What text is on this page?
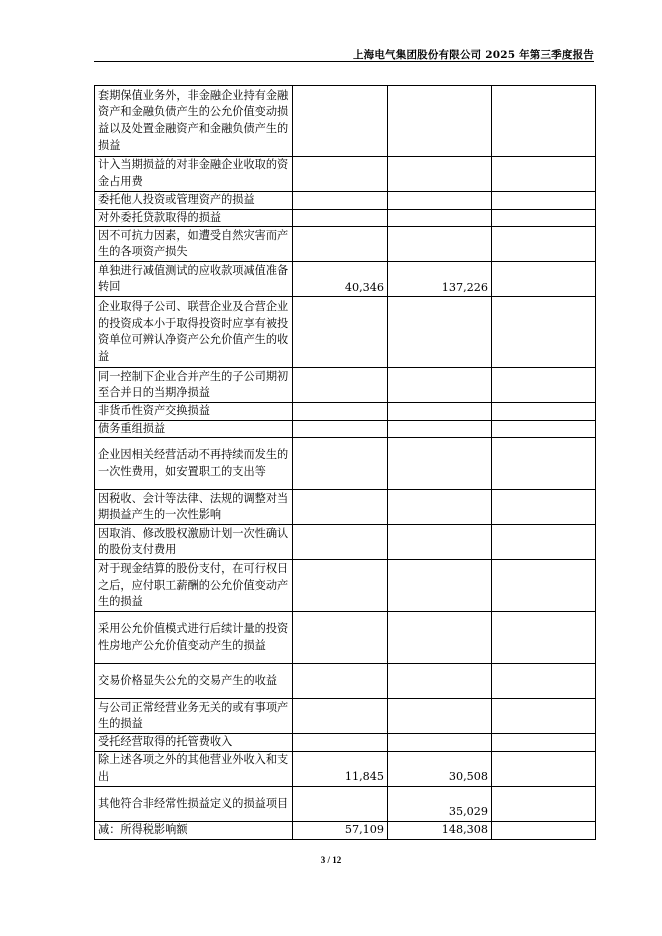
上海电气集团股份有限公司 2025 年第三季度报告
套期保值业务外，非金融企业持有金融资产和金融负债产生的公允价值变动损益以及处置金融资产和金融负债产生的损益			
计入当期损益的对非金融企业收取的资金占用费			
委托他人投资或管理资产的损益			
对外委托贷款取得的损益			
因不可抗力因素，如遭受自然灾害而产生的各项资产损失			
单独进行减值测试的应收款项减值准备转回	40,346	137,226	
企业取得子公司、联营企业及合营企业的投资成本小于取得投资时应享有被投资单位可辨认净资产公允价值产生的收益			
同一控制下企业合并产生的子公司期初至合并日的当期净损益			
非货币性资产交换损益			
债务重组损益			
企业因相关经营活动不再持续而发生的一次性费用，如安置职工的支出等			
因税收、会计等法律、法规的调整对当期损益产生的一次性影响			
因取消、修改股权激励计划一次性确认的股份支付费用			
对于现金结算的股份支付，在可行权日之后，应付职工薪酬的公允价值变动产生的损益			
采用公允价值模式进行后续计量的投资性房地产公允价值变动产生的损益			
交易价格显失公允的交易产生的收益			
与公司正常经营业务无关的或有事项产生的损益			
受托经营取得的托管费收入			
除上述各项之外的其他营业外收入和支出	11,845	30,508	
其他符合非经常性损益定义的损益项目		35,029	
减：所得税影响额	57,109	148,308	
3 / 12
